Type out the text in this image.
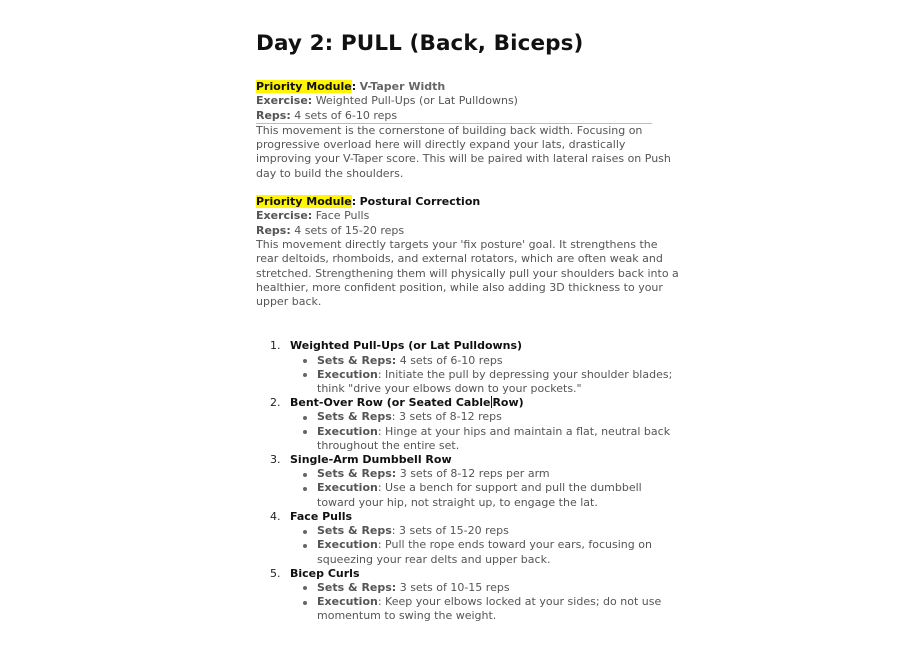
Day 2: PULL (Back, Biceps)
Priority Module: V-Taper Width
Exercise: Weighted Pull-Ups (or Lat Pulldowns)
Reps: 4 sets of 6-10 reps
This movement is the cornerstone of building back width. Focusing on
progressive overload here will directly expand your lats, drastically
improving your V-Taper score. This will be paired with lateral raises on Push
day to build the shoulders.
Priority Module: Postural Correction
Exercise: Face Pulls
Reps: 4 sets of 15-20 reps
This movement directly targets your 'fix posture' goal. It strengthens the
rear deltoids, rhomboids, and external rotators, which are often weak and
stretched. Strengthening them will physically pull your shoulders back into a
healthier, more confident position, while also adding 3D thickness to your
upper back.
1. Weighted Pull-Ups (or Lat Pulldowns)
Sets & Reps: 4 sets of 6-10 reps
Execution: Initiate the pull by depressing your shoulder blades;
think "drive your elbows down to your pockets."
2. Bent-Over Row (or Seated Cable Row)
Sets & Reps: 3 sets of 8-12 reps
Execution: Hinge at your hips and maintain a flat, neutral back
throughout the entire set.
3. Single-Arm Dumbbell Row
Sets & Reps: 3 sets of 8-12 reps per arm
Execution: Use a bench for support and pull the dumbbell
toward your hip, not straight up, to engage the lat.
4. Face Pulls
Sets & Reps: 3 sets of 15-20 reps
Execution: Pull the rope ends toward your ears, focusing on
squeezing your rear delts and upper back.
5. Bicep Curls
Sets & Reps: 3 sets of 10-15 reps
Execution: Keep your elbows locked at your sides; do not use
momentum to swing the weight.
